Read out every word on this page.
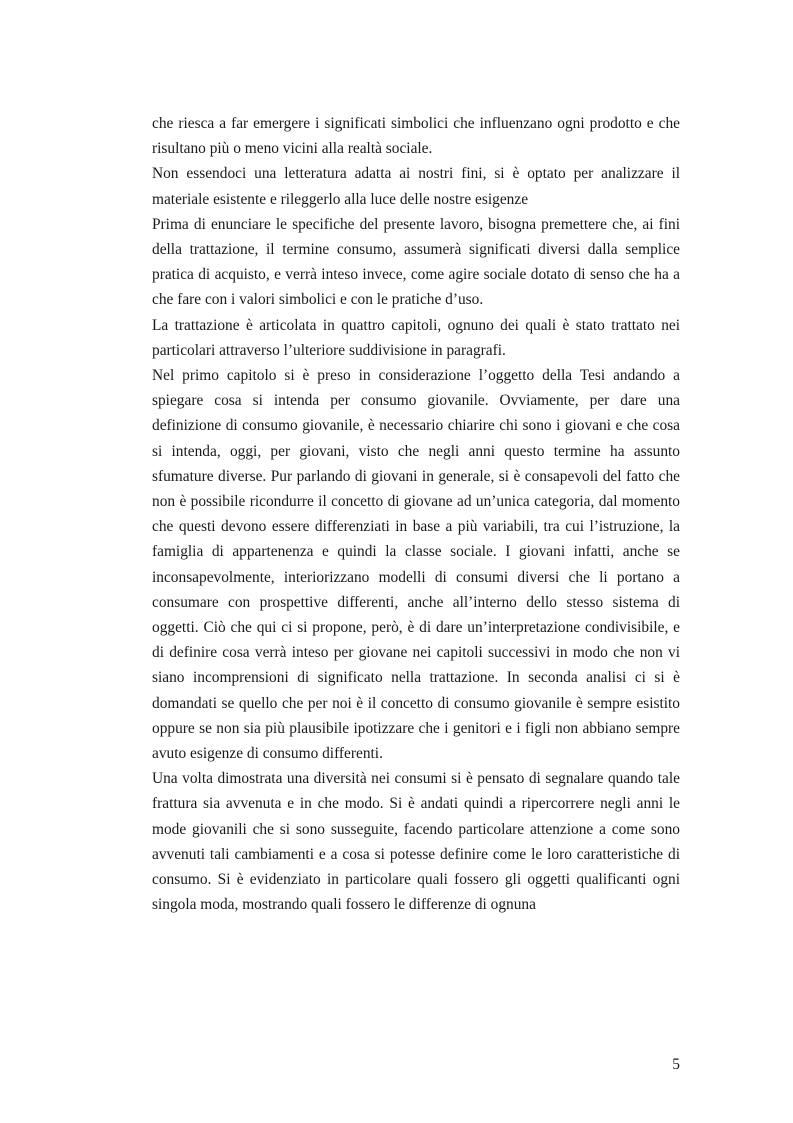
che riesca a far emergere i significati simbolici che influenzano ogni prodotto e che risultano più o meno vicini alla realtà sociale.

Non essendoci una letteratura adatta ai nostri fini, si è optato per analizzare il materiale esistente e rileggerlo alla luce delle nostre esigenze

Prima di enunciare le specifiche del presente lavoro, bisogna premettere che, ai fini della trattazione, il termine consumo, assumerà significati diversi dalla semplice pratica di acquisto, e verrà inteso invece, come agire sociale dotato di senso che ha a che fare con i valori simbolici e con le pratiche d’uso.

La trattazione è articolata in quattro capitoli, ognuno dei quali è stato trattato nei particolari attraverso l’ulteriore suddivisione in paragrafi.

Nel primo capitolo si è preso in considerazione l’oggetto della Tesi andando a spiegare cosa si intenda per consumo giovanile. Ovviamente, per dare una definizione di consumo giovanile, è necessario chiarire chi sono i giovani e che cosa si intenda, oggi, per giovani, visto che negli anni questo termine ha assunto sfumature diverse. Pur parlando di giovani in generale, si è consapevoli del fatto che non è possibile ricondurre il concetto di giovane ad un’unica categoria, dal momento che questi devono essere differenziati in base a più variabili, tra cui l’istruzione, la famiglia di appartenenza e quindi la classe sociale. I giovani infatti, anche se inconsapevolmente, interiorizzano modelli di consumi diversi che li portano a consumare con prospettive differenti, anche all’interno dello stesso sistema di oggetti. Ciò che qui ci si propone, però, è di dare un’interpretazione condivisibile, e di definire cosa verrà inteso per giovane nei capitoli successivi in modo che non vi siano incomprensioni di significato nella trattazione. In seconda analisi ci si è domandati se quello che per noi è il concetto di consumo giovanile è sempre esistito oppure se non sia più plausibile ipotizzare che i genitori e i figli non abbiano sempre avuto esigenze di consumo differenti.

Una volta dimostrata una diversità nei consumi si è pensato di segnalare quando tale frattura sia avvenuta e in che modo. Si è andati quindi a ripercorrere negli anni le mode giovanili che si sono susseguite, facendo particolare attenzione a come sono avvenuti tali cambiamenti e a cosa si potesse definire come le loro caratteristiche di consumo. Si è evidenziato in particolare quali fossero gli oggetti qualificanti ogni singola moda, mostrando quali fossero le differenze di ognuna

5
